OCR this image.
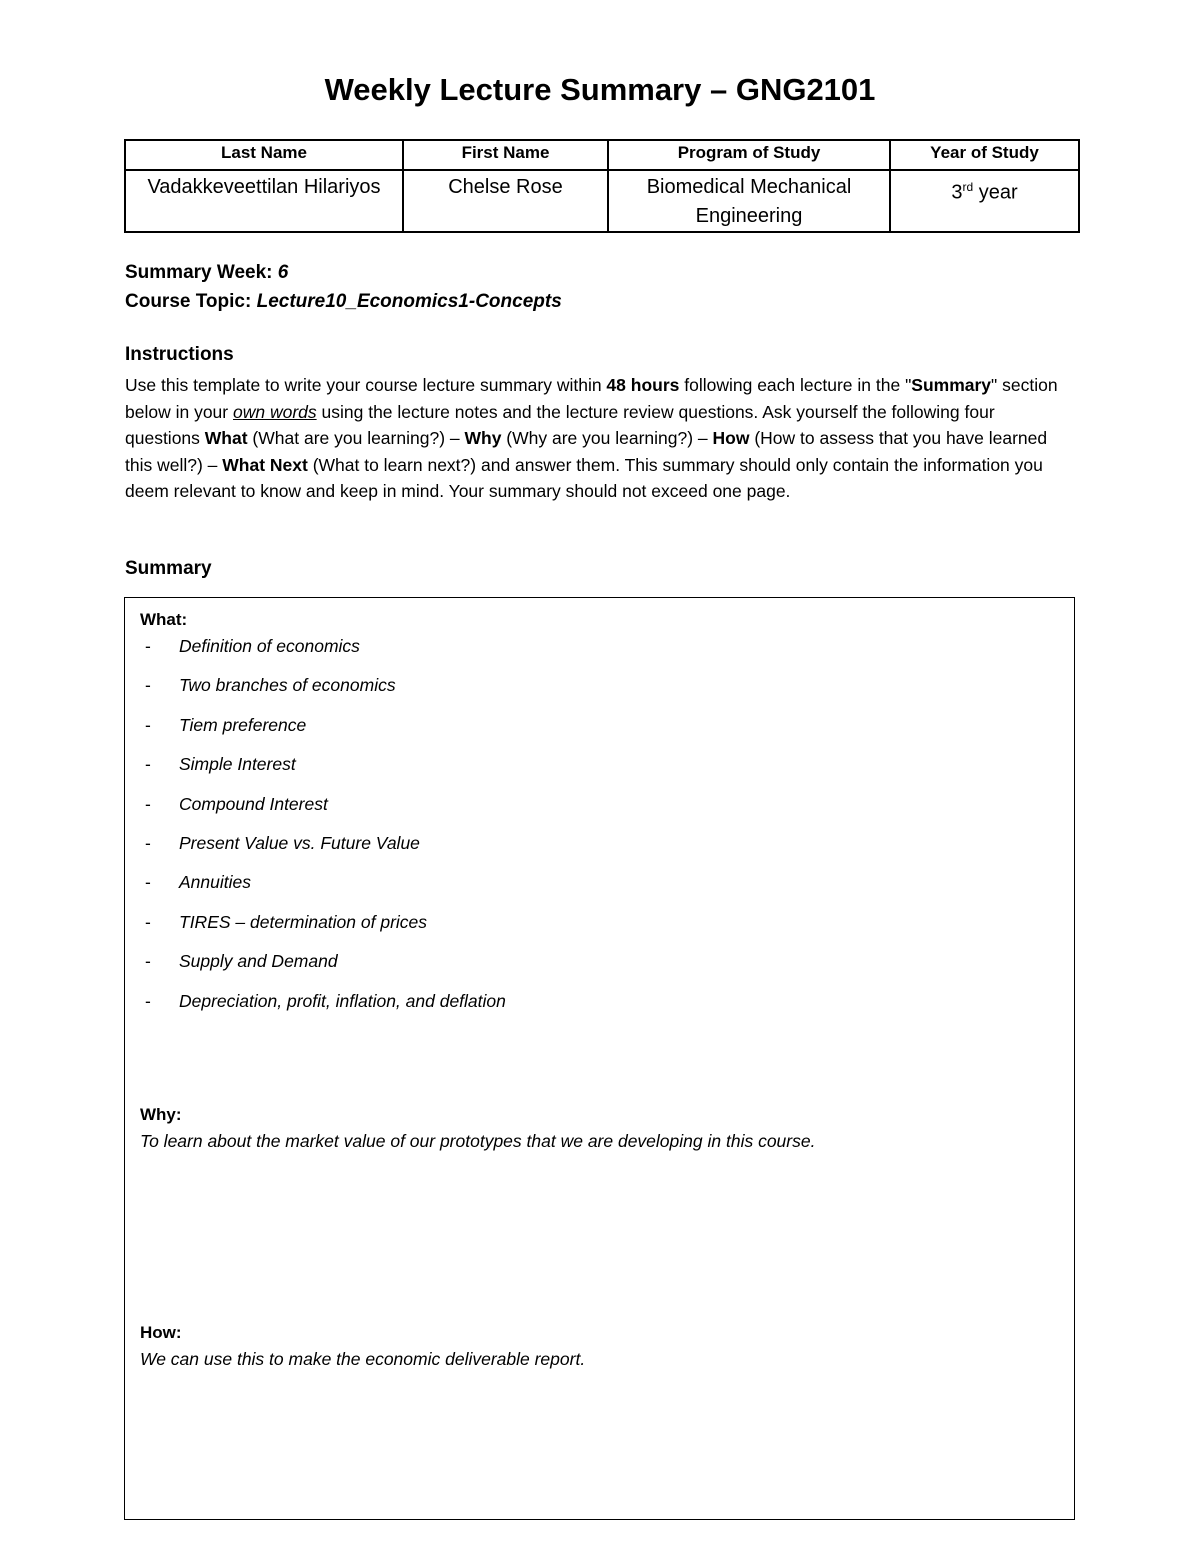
Weekly Lecture Summary – GNG2101
Last Name	First Name	Program of Study	Year of Study
Vadakkeveettilan Hilariyos	Chelse Rose	Biomedical Mechanical Engineering	3rd year
Summary Week: 6
Course Topic: Lecture10_Economics1-Concepts
Instructions

Use this template to write your course lecture summary within 48 hours following each lecture in the "Summary" section below in your own words using the lecture notes and the lecture review questions. Ask yourself the following four questions What (What are you learning?) – Why (Why are you learning?) – How (How to assess that you have learned this well?) – What Next (What to learn next?) and answer them. This summary should only contain the information you deem relevant to know and keep in mind. Your summary should not exceed one page.

Summary
What:
-	Definition of economics
-	Two branches of economics
-	Tiem preference
-	Simple Interest
-	Compound Interest
-	Present Value vs. Future Value
-	Annuities
-	TIRES – determination of prices
-	Supply and Demand
-	Depreciation, profit, inflation, and deflation
Why:
To learn about the market value of our prototypes that we are developing in this course.
How:
We can use this to make the economic deliverable report.
